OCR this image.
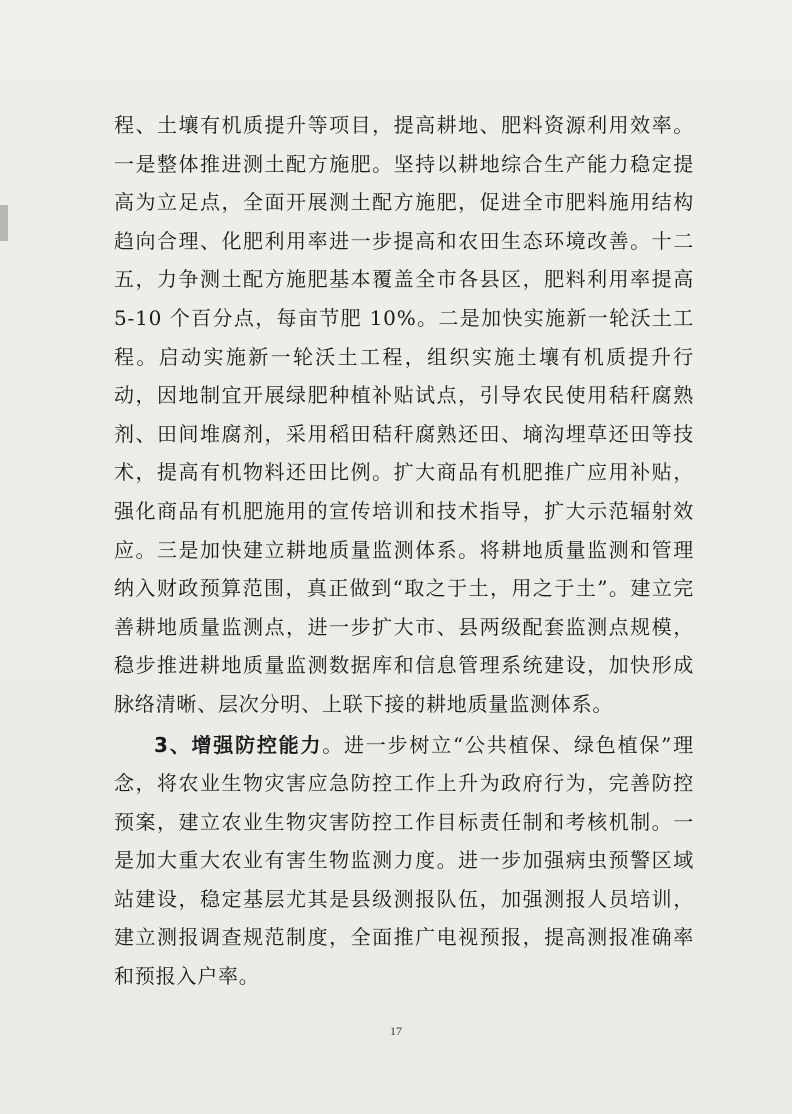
程、土壤有机质提升等项目，提高耕地、肥料资源利用效率。一是整体推进测土配方施肥。坚持以耕地综合生产能力稳定提高为立足点，全面开展测土配方施肥，促进全市肥料施用结构趋向合理、化肥利用率进一步提高和农田生态环境改善。十二五，力争测土配方施肥基本覆盖全市各县区，肥料利用率提高 5-10 个百分点，每亩节肥 10%。二是加快实施新一轮沃土工程。启动实施新一轮沃土工程，组织实施土壤有机质提升行动，因地制宜开展绿肥种植补贴试点，引导农民使用秸秆腐熟剂、田间堆腐剂，采用稻田秸秆腐熟还田、墒沟埋草还田等技术，提高有机物料还田比例。扩大商品有机肥推广应用补贴，强化商品有机肥施用的宣传培训和技术指导，扩大示范辐射效应。三是加快建立耕地质量监测体系。将耕地质量监测和管理纳入财政预算范围，真正做到“取之于土，用之于土”。建立完善耕地质量监测点，进一步扩大市、县两级配套监测点规模，稳步推进耕地质量监测数据库和信息管理系统建设，加快形成脉络清晰、层次分明、上联下接的耕地质量监测体系。

3、增强防控能力。进一步树立“公共植保、绿色植保”理念，将农业生物灾害应急防控工作上升为政府行为，完善防控预案，建立农业生物灾害防控工作目标责任制和考核机制。一是加大重大农业有害生物监测力度。进一步加强病虫预警区域站建设，稳定基层尤其是县级测报队伍，加强测报人员培训，建立测报调查规范制度，全面推广电视预报，提高测报准确率和预报入户率。

17
